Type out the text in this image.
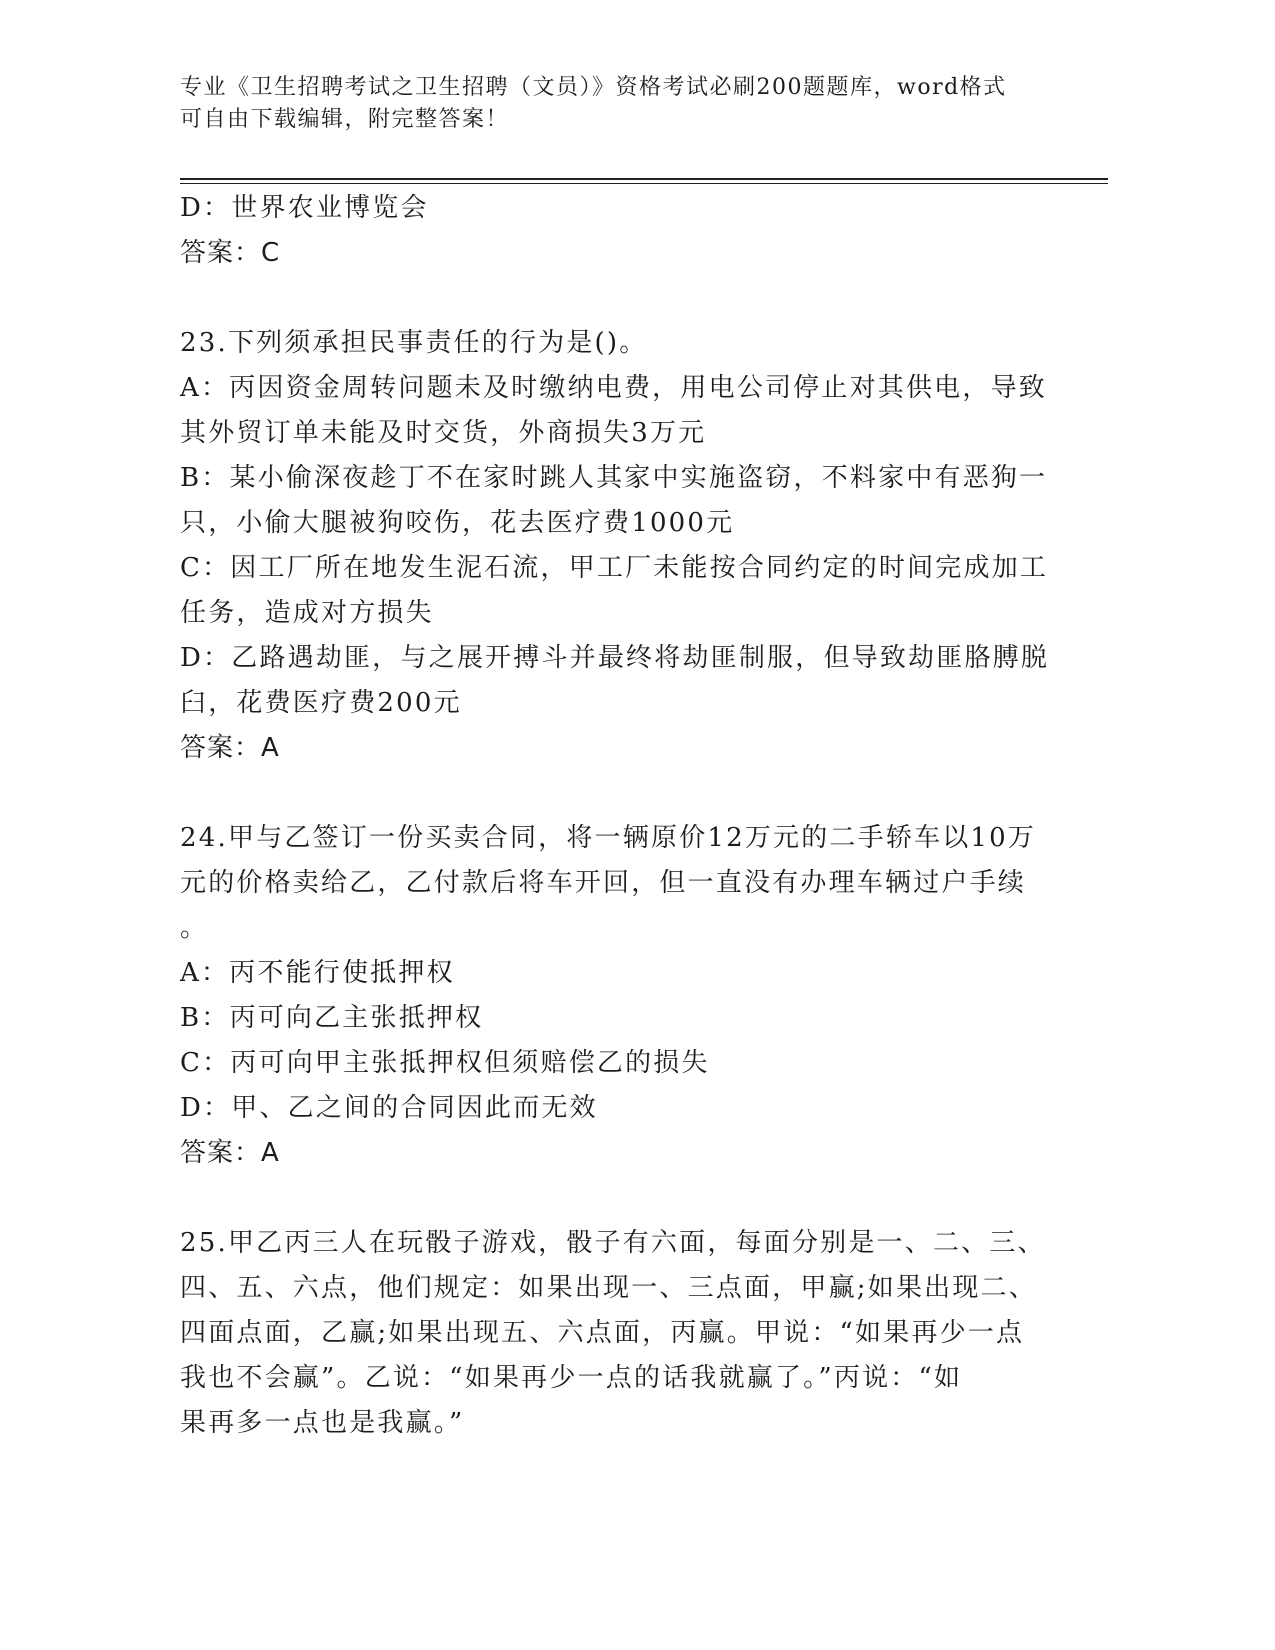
专业《卫生招聘考试之卫生招聘（文员）》资格考试必刷200题题库，word格式
可自由下载编辑，附完整答案！
D：世界农业博览会
答案：C
23.下列须承担民事责任的行为是()。
A：丙因资金周转问题未及时缴纳电费，用电公司停止对其供电，导致
其外贸订单未能及时交货，外商损失3万元
B：某小偷深夜趁丁不在家时跳人其家中实施盗窃，不料家中有恶狗一
只，小偷大腿被狗咬伤，花去医疗费1000元
C：因工厂所在地发生泥石流，甲工厂未能按合同约定的时间完成加工
任务，造成对方损失
D：乙路遇劫匪，与之展开搏斗并最终将劫匪制服，但导致劫匪胳膊脱
臼，花费医疗费200元
答案：A
24.甲与乙签订一份买卖合同，将一辆原价12万元的二手轿车以10万
元的价格卖给乙，乙付款后将车开回，但一直没有办理车辆过户手续
。
A：丙不能行使抵押权
B：丙可向乙主张抵押权
C：丙可向甲主张抵押权但须赔偿乙的损失
D：甲、乙之间的合同因此而无效
答案：A
25.甲乙丙三人在玩骰子游戏，骰子有六面，每面分别是一、二、三、
四、五、六点，他们规定：如果出现一、三点面，甲赢;如果出现二、
四面点面，乙赢;如果出现五、六点面，丙赢。甲说：“如果再少一点
我也不会赢”。乙说：“如果再少一点的话我就赢了。”丙说：“如
果再多一点也是我赢。”
